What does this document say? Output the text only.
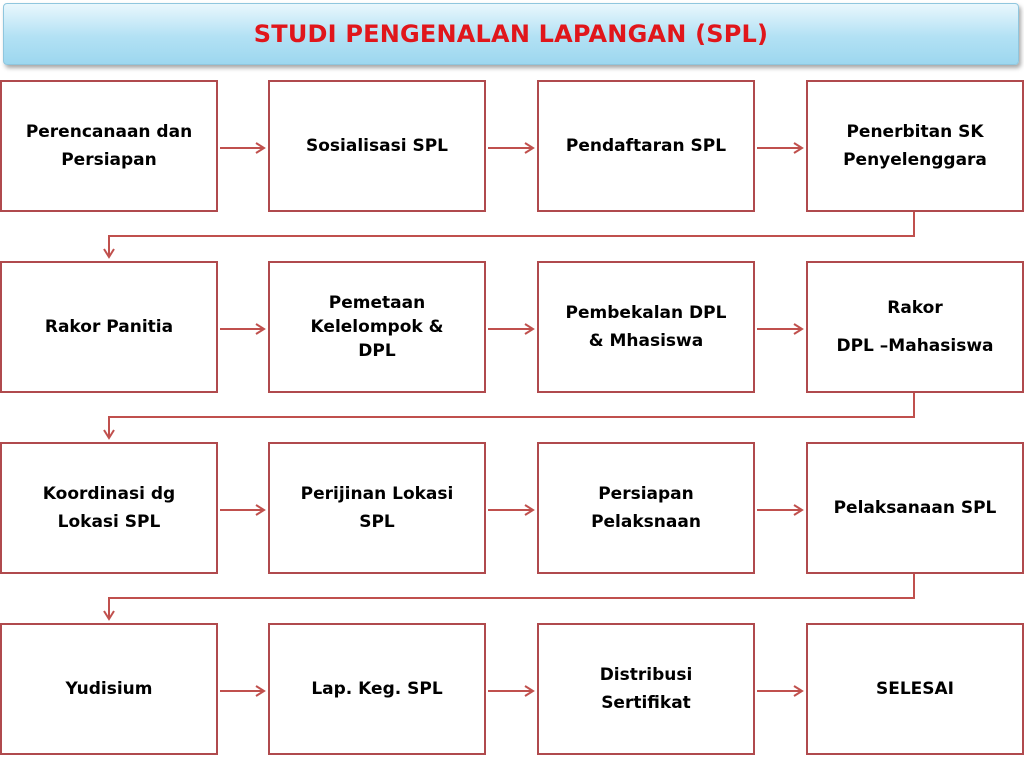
STUDI PENGENALAN LAPANGAN (SPL)
Perencanaan dan
Persiapan
Sosialisasi SPL	Pendaftaran SPL
Penerbitan SK
Penyelenggara
Rakor Panitia
Pemetaan
Kelelompok &
DPL
Pembekalan DPL
& Mhasiswa
Rakor
DPL –Mahasiswa
Koordinasi dg
Lokasi SPL
Perijinan Lokasi
SPL
Persiapan
Pelaksnaan
Pelaksanaan SPL
Yudisium	Lap. Keg. SPL
Distribusi
Sertifikat
SELESAI
